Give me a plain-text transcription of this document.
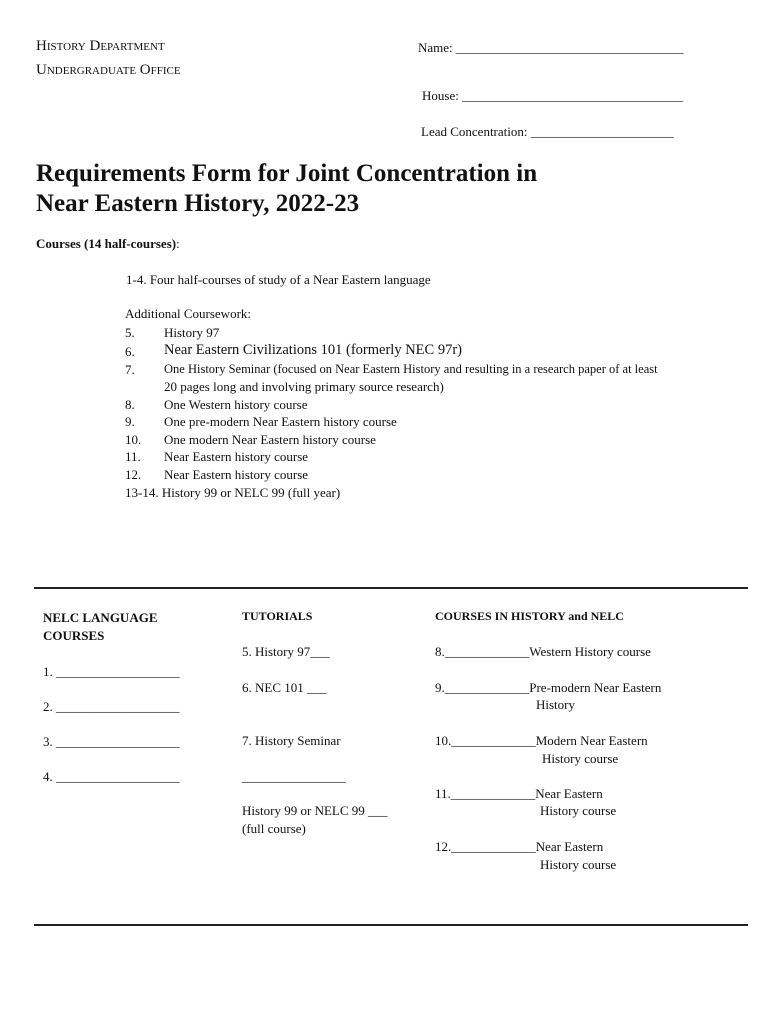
History Department
Undergraduate Office
Name: ___________________________________
House: __________________________________
Lead Concentration: ______________________
Requirements Form for Joint Concentration in
Near Eastern History, 2022-23
Courses (14 half-courses):
1-4. Four half-courses of study of a Near Eastern language
Additional Coursework:
5. History 97
6. Near Eastern Civilizations 101 (formerly NEC 97r)
7. One History Seminar (focused on Near Eastern History and resulting in a research paper of at least
20 pages long and involving primary source research)
8. One Western history course
9. One pre-modern Near Eastern history course
10. One modern Near Eastern history course
11. Near Eastern history course
12. Near Eastern history course
13-14. History 99 or NELC 99 (full year)
NELC LANGUAGE
COURSES
1. ___________________
2. ___________________
3. ___________________
4. ___________________
TUTORIALS
5. History 97___
6. NEC 101 ___
7. History Seminar
________________
History 99 or NELC 99 ___
(full course)
COURSES IN HISTORY and NELC
8._____________Western History course
9._____________Pre-modern Near Eastern
History
10._____________Modern Near Eastern
History course
11._____________Near Eastern
History course
12._____________Near Eastern
History course
